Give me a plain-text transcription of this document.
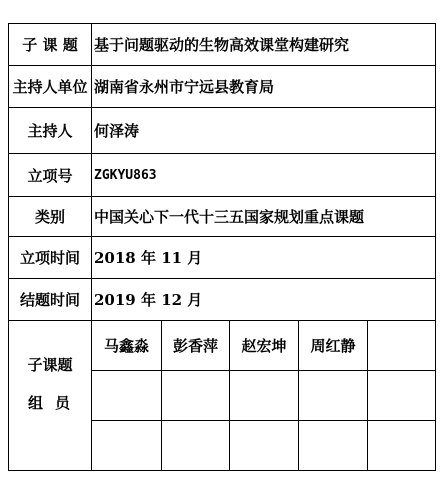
子 课 题	基于问题驱动的生物高效课堂构建研究
主持人单位 湖南省永州市宁远县教育局
主持人	何泽涛
立项号	ZGKYU863
类别	中国关心下一代十三五国家规划重点课题
立项时间 2018 年 11 月
结题时间 2019 年 12 月
子课题
组员
马鑫淼	彭香萍	赵宏坤	周红静
